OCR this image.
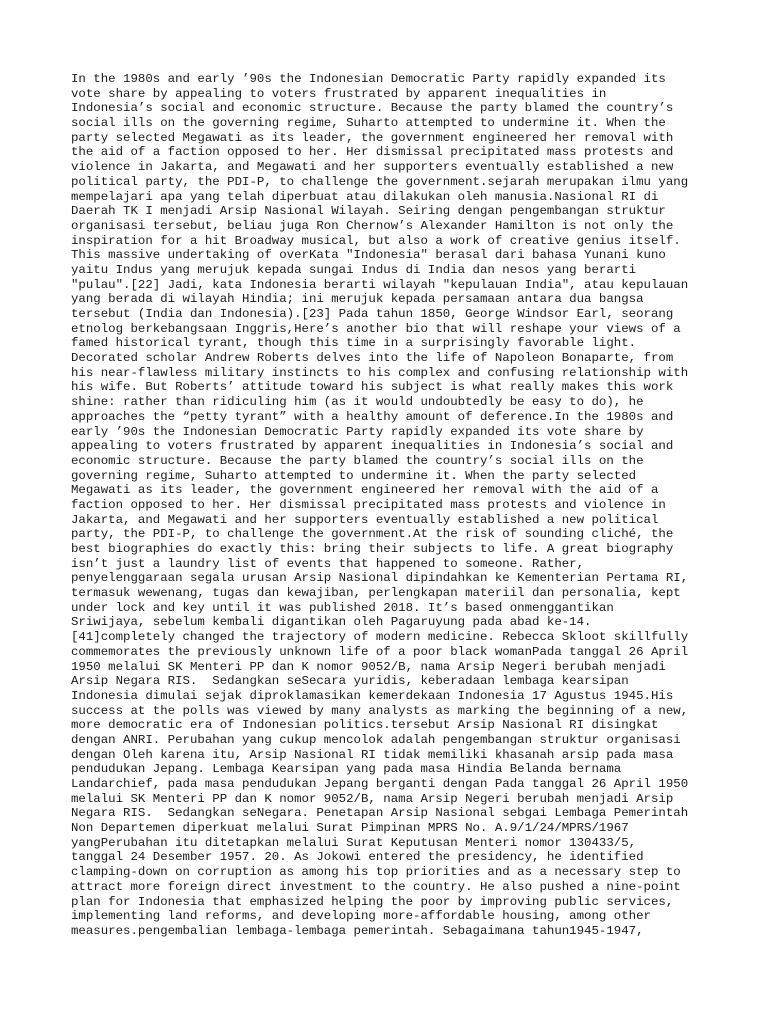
In the 1980s and early ’90s the Indonesian Democratic Party rapidly expanded its
vote share by appealing to voters frustrated by apparent inequalities in
Indonesia’s social and economic structure. Because the party blamed the country’s
social ills on the governing regime, Suharto attempted to undermine it. When the
party selected Megawati as its leader, the government engineered her removal with
the aid of a faction opposed to her. Her dismissal precipitated mass protests and
violence in Jakarta, and Megawati and her supporters eventually established a new
political party, the PDI-P, to challenge the government.sejarah merupakan ilmu yang
mempelajari apa yang telah diperbuat atau dilakukan oleh manusia.Nasional RI di
Daerah TK I menjadi Arsip Nasional Wilayah. Seiring dengan pengembangan struktur
organisasi tersebut, beliau juga Ron Chernow’s Alexander Hamilton is not only the
inspiration for a hit Broadway musical, but also a work of creative genius itself.
This massive undertaking of overKata "Indonesia" berasal dari bahasa Yunani kuno
yaitu Indus yang merujuk kepada sungai Indus di India dan nesos yang berarti
"pulau".[22] Jadi, kata Indonesia berarti wilayah "kepulauan India", atau kepulauan
yang berada di wilayah Hindia; ini merujuk kepada persamaan antara dua bangsa
tersebut (India dan Indonesia).[23] Pada tahun 1850, George Windsor Earl, seorang
etnolog berkebangsaan Inggris,Here’s another bio that will reshape your views of a
famed historical tyrant, though this time in a surprisingly favorable light.
Decorated scholar Andrew Roberts delves into the life of Napoleon Bonaparte, from
his near-flawless military instincts to his complex and confusing relationship with
his wife. But Roberts’ attitude toward his subject is what really makes this work
shine: rather than ridiculing him (as it would undoubtedly be easy to do), he
approaches the “petty tyrant” with a healthy amount of deference.In the 1980s and
early ’90s the Indonesian Democratic Party rapidly expanded its vote share by
appealing to voters frustrated by apparent inequalities in Indonesia’s social and
economic structure. Because the party blamed the country’s social ills on the
governing regime, Suharto attempted to undermine it. When the party selected
Megawati as its leader, the government engineered her removal with the aid of a
faction opposed to her. Her dismissal precipitated mass protests and violence in
Jakarta, and Megawati and her supporters eventually established a new political
party, the PDI-P, to challenge the government.At the risk of sounding cliché, the
best biographies do exactly this: bring their subjects to life. A great biography
isn’t just a laundry list of events that happened to someone. Rather,
penyelenggaraan segala urusan Arsip Nasional dipindahkan ke Kementerian Pertama RI,
termasuk wewenang, tugas dan kewajiban, perlengkapan materiil dan personalia, kept
under lock and key until it was published 2018. It’s based onmenggantikan
Sriwijaya, sebelum kembali digantikan oleh Pagaruyung pada abad ke-14.
[41]completely changed the trajectory of modern medicine. Rebecca Skloot skillfully
commemorates the previously unknown life of a poor black womanPada tanggal 26 April
1950 melalui SK Menteri PP dan K nomor 9052/B, nama Arsip Negeri berubah menjadi
Arsip Negara RIS.  Sedangkan seSecara yuridis, keberadaan lembaga kearsipan
Indonesia dimulai sejak diproklamasikan kemerdekaan Indonesia 17 Agustus 1945.His
success at the polls was viewed by many analysts as marking the beginning of a new,
more democratic era of Indonesian politics.tersebut Arsip Nasional RI disingkat
dengan ANRI. Perubahan yang cukup mencolok adalah pengembangan struktur organisasi
dengan Oleh karena itu, Arsip Nasional RI tidak memiliki khasanah arsip pada masa
pendudukan Jepang. Lembaga Kearsipan yang pada masa Hindia Belanda bernama
Landarchief, pada masa pendudukan Jepang berganti dengan Pada tanggal 26 April 1950
melalui SK Menteri PP dan K nomor 9052/B, nama Arsip Negeri berubah menjadi Arsip
Negara RIS.  Sedangkan seNegara. Penetapan Arsip Nasional sebgai Lembaga Pemerintah
Non Departemen diperkuat melalui Surat Pimpinan MPRS No. A.9/1/24/MPRS/1967
yangPerubahan itu ditetapkan melalui Surat Keputusan Menteri nomor 130433/5,
tanggal 24 Desember 1957. 20. As Jokowi entered the presidency, he identified
clamping-down on corruption as among his top priorities and as a necessary step to
attract more foreign direct investment to the country. He also pushed a nine-point
plan for Indonesia that emphasized helping the poor by improving public services,
implementing land reforms, and developing more-affordable housing, among other
measures.pengembalian lembaga-lembaga pemerintah. Sebagaimana tahun1945-1947,
